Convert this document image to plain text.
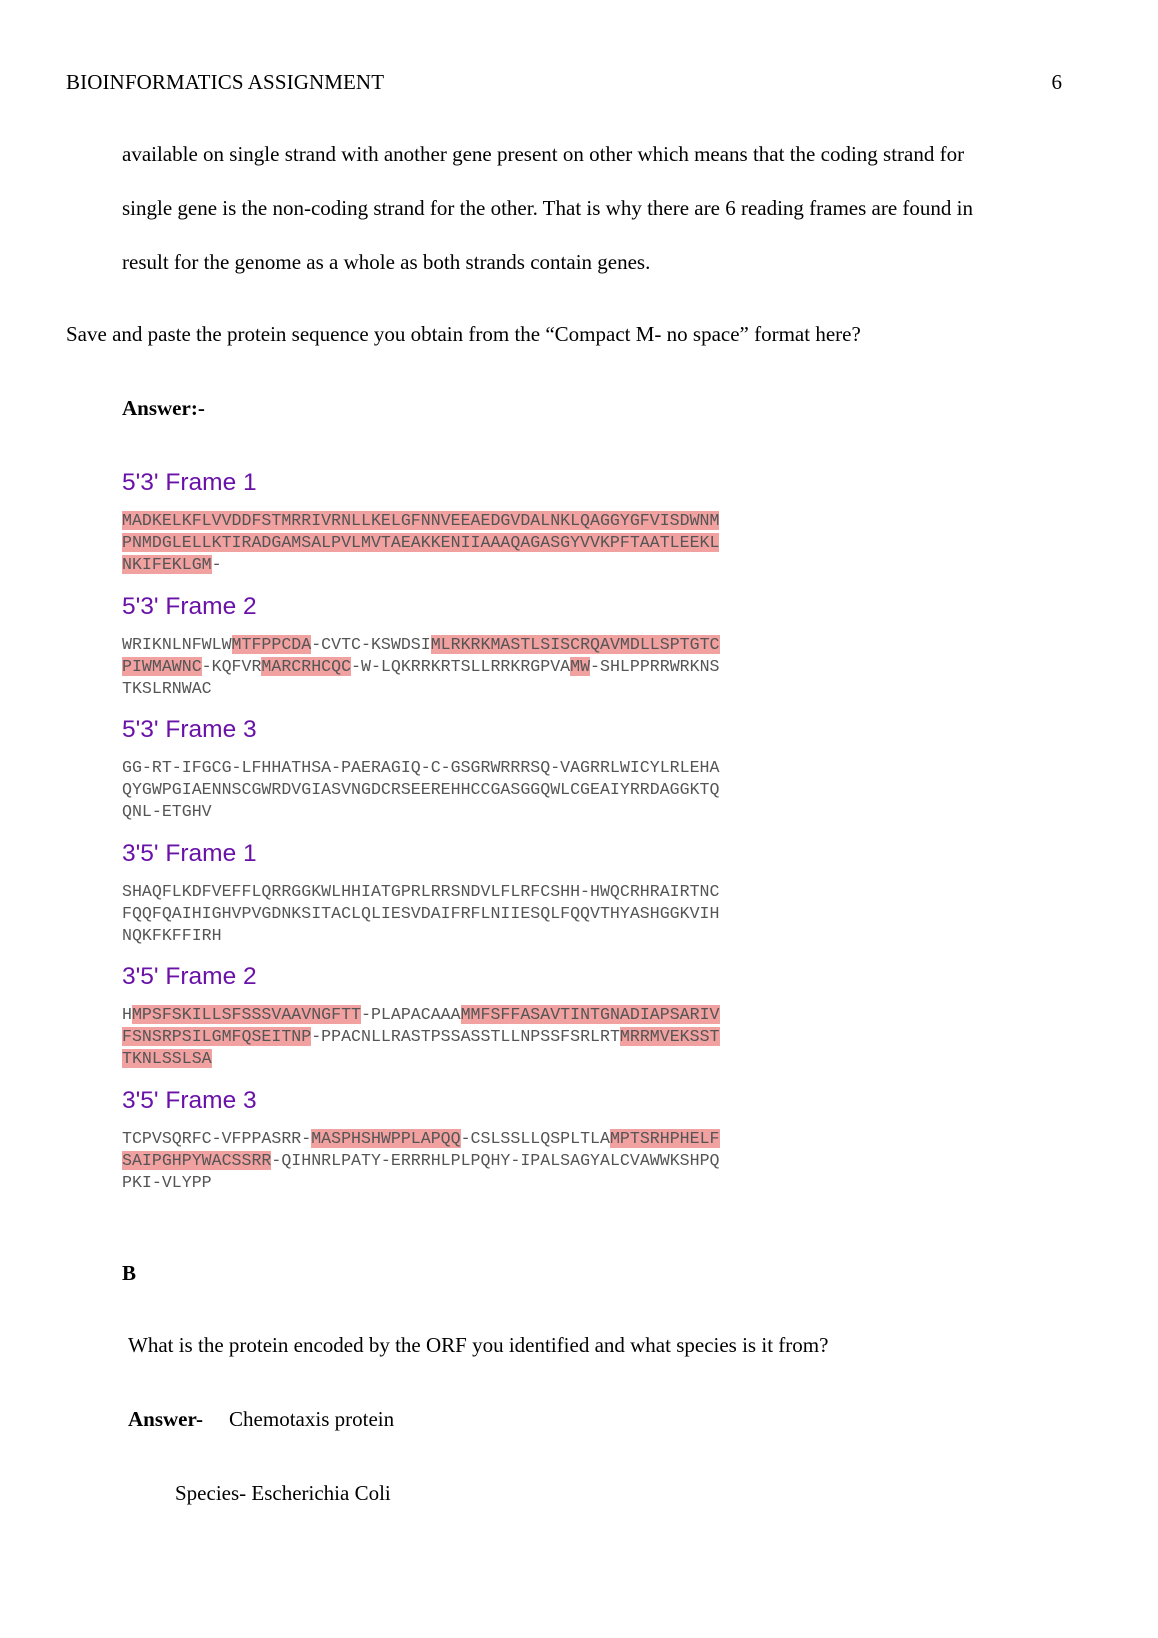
BIOINFORMATICS ASSIGNMENT	6

available on single strand with another gene present on other which means that the coding strand for

single gene is the non-coding strand for the other. That is why there are 6 reading frames are found in

result for the genome as a whole as both strands contain genes.

Save and paste the protein sequence you obtain from the “Compact M- no space” format here?
Answer:-
5'3' Frame 1
MADKELKFLVVDDFSTMRRIVRNLLKELGFNNVEEAEDGVDALNKLQAGGYGFVISDWNM
PNMDGLELLKTIRADGAMSALPVLMVTAEAKKENIIAAAQAGASGYVVKPFTAATLEEKL
NKIFEKLGM-
5'3' Frame 2
WRIKNLNFWLWMTFPPCDA-CVTC-KSWDSIMLRKRKMASTLSISCRQAVMDLLSPTGTC
PIWMAWNC-KQFVRMARCRHCQC-W-LQKRRKRTSLLRRKRGPVAMW-SHLPPRRWRKNS
TKSLRNWAC
5'3' Frame 3
GG-RT-IFGCG-LFHHATHSA-PAERAGIQ-C-GSGRWRRRSQ-VAGRRLWICYLRLEHA
QYGWPGIAENNSCGWRDVGIASVNGDCRSEEREHHCCGASGGQWLCGEAIYRRDAGGKTQ
QNL-ETGHV
3'5' Frame 1
SHAQFLKDFVEFFLQRRGGKWLHHIATGPRLRRSNDVLFLRFCSHH-HWQCRHRAIRTNC
FQQFQAIHIGHVPVGDNKSITACLQLIESVDAIFRFLNIIESQLFQQVTHYASHGGKVIH
NQKFKFFIRH
3'5' Frame 2
HMPSFSKILLSFSSSVAAVNGFTT-PLAPACAAAMMFSFFASAVTINTGNADIAPSARIV
FSNSRPSILGMFQSEITNP-PPACNLLRASTPSSASSTLLNPSSFSRLRTMRRMVEKSST
TKNLSSLSA
3'5' Frame 3
TCPVSQRFC-VFPPASRR-MASPHSHWPPLAPQQ-CSLSSLLQSPLTLAMPTSRHPHELF
SAIPGHPYWACSSRR-QIHNRLPATY-ERRRHLPLPQHY-IPALSAGYALCVAWWKSHPQ
PKI-VLYPP
B
What is the protein encoded by the ORF you identified and what species is it from?
Answer- Chemotaxis protein
Species- Escherichia Coli
